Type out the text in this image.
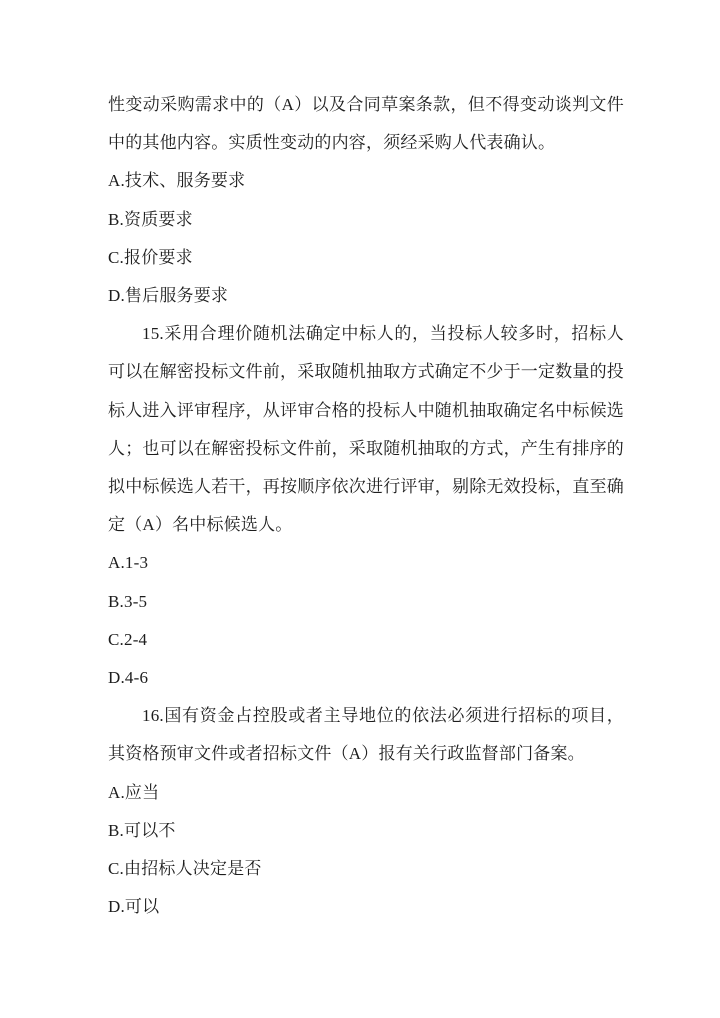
性变动采购需求中的（A）以及合同草案条款，但不得变动谈判文件中的其他内容。实质性变动的内容，须经采购人代表确认。

A.技术、服务要求

B.资质要求

C.报价要求

D.售后服务要求

15.采用合理价随机法确定中标人的，当投标人较多时，招标人可以在解密投标文件前，采取随机抽取方式确定不少于一定数量的投标人进入评审程序，从评审合格的投标人中随机抽取确定名中标候选人；也可以在解密投标文件前，采取随机抽取的方式，产生有排序的拟中标候选人若干，再按顺序依次进行评审，剔除无效投标，直至确定（A）名中标候选人。

A.1-3

B.3-5

C.2-4

D.4-6

16.国有资金占控股或者主导地位的依法必须进行招标的项目，其资格预审文件或者招标文件（A）报有关行政监督部门备案。

A.应当

B.可以不

C.由招标人决定是否

D.可以
